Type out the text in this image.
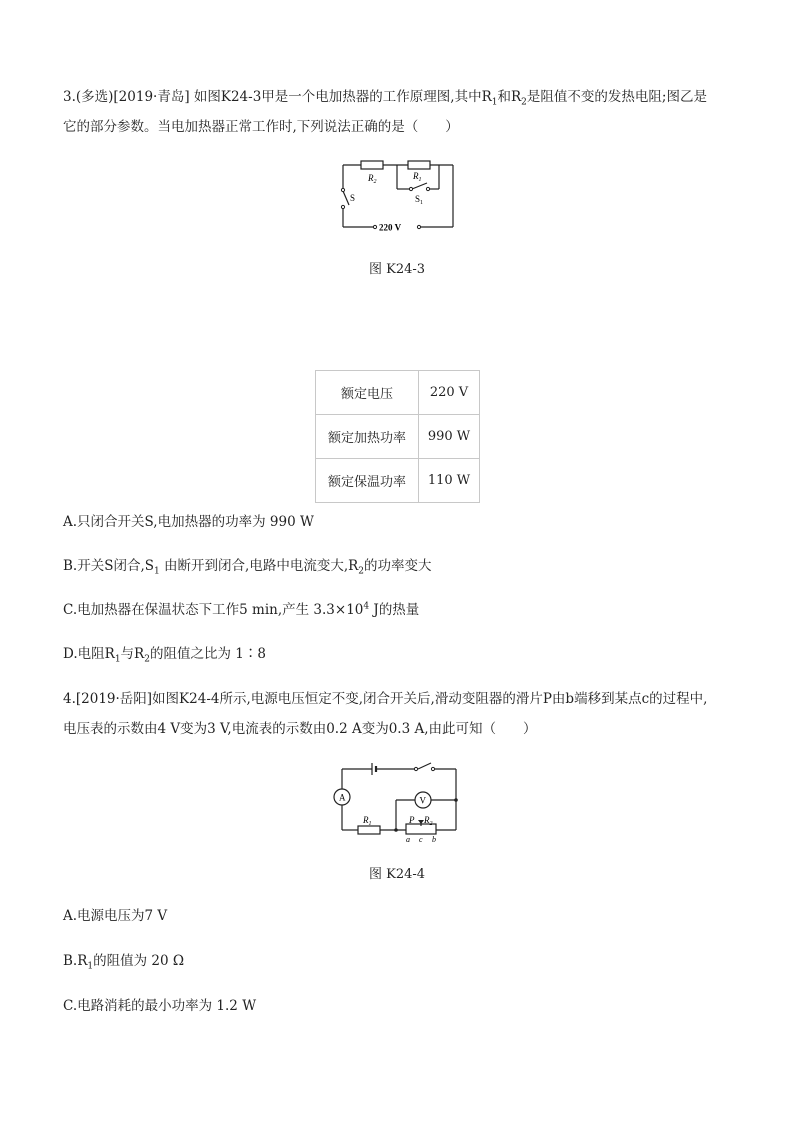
3.(多选)[2019·青岛] 如图K24-3甲是一个电加热器的工作原理图,其中$R_1$和$R_2$是阻值不变的发热电阻;图乙是
它的部分参数。当电加热器正常工作时,下列说法正确的是（　　）
$R_2$
$R_1$
S	$S_1$
220 V
图 K24-3
额定电压	220 V
额定加热功率	990 W
额定保温功率	110 W
A.只闭合开关S,电加热器的功率为 990 W
B.开关S闭合$,S_1$ 由断开到闭合,电路中电流变大$,R_2$的功率变大
C.电加热器在保温状态下工作5 min,产生 $3.3\times 10^4$ J的热量
D.电阻$R_1$与$R_2$的阻值之比为 1∶8
4.[2019·岳阳]如图K24-4所示,电源电压恒定不变,闭合开关后,滑动变阻器的滑片P由b端移到某点c的过程中,
电压表的示数由4 V变为3 V,电流表的示数由0.2 A变为0.3 A,由此可知（　　）
A	V
$R_1$	P $R_2$
a c b
图 K24-4
A.电源电压为7 V
$B.R_1$的阻值为 20 Ω
C.电路消耗的最小功率为 1.2 W
